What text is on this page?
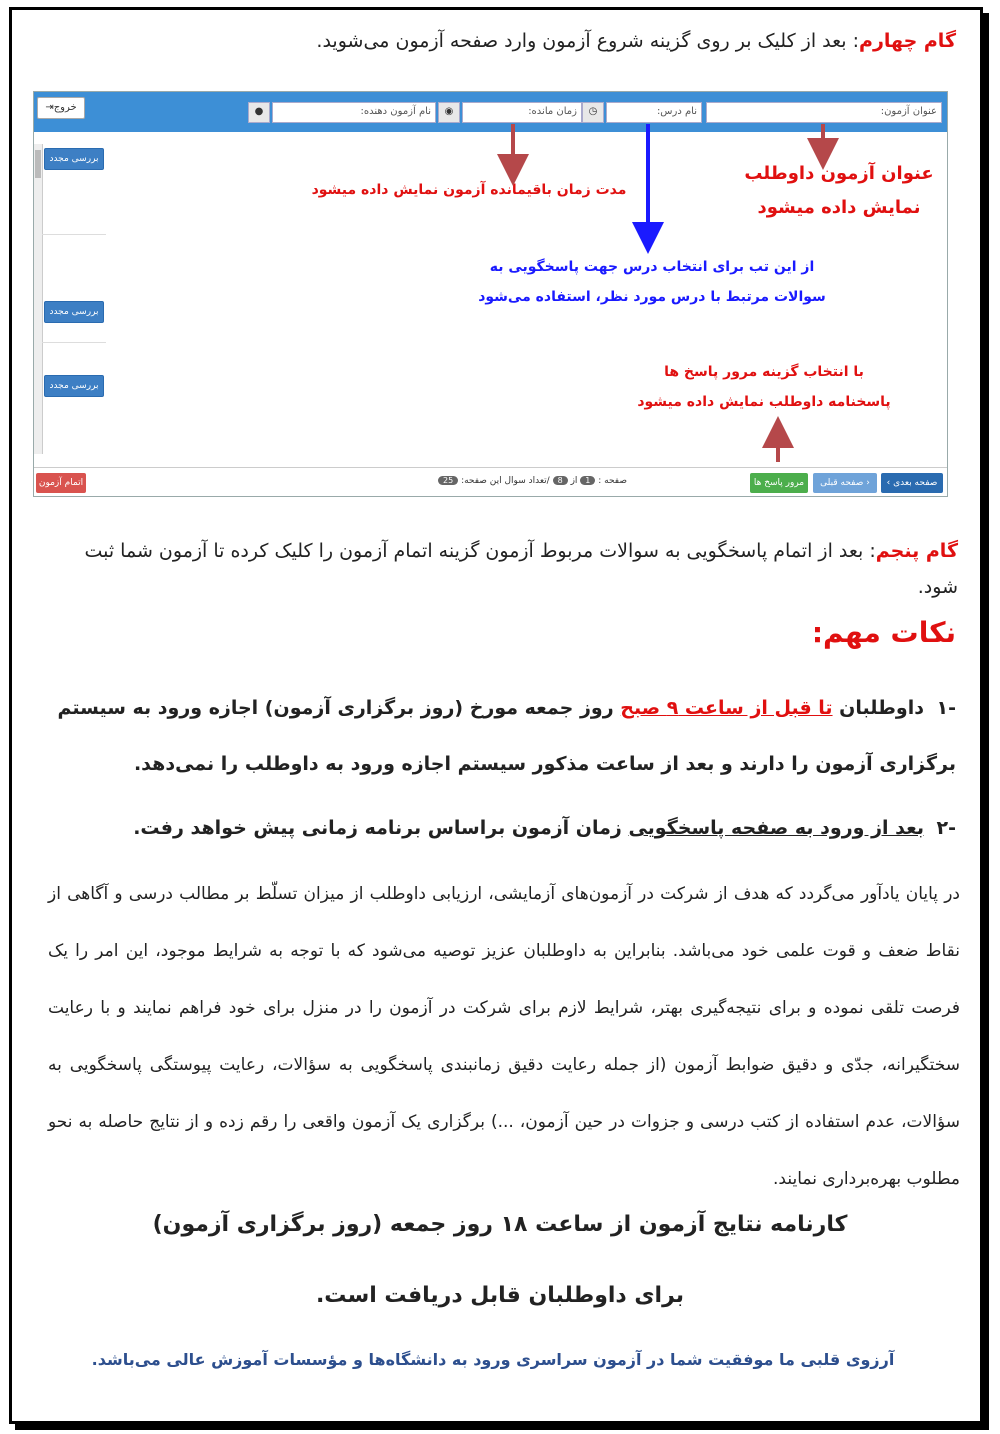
گام چهارم: بعد از کلیک بر روی گزینه شروع آزمون وارد صفحه آزمون می‌شوید.
عنوان آزمون:
نام درس:
◷
زمان مانده:
◉
نام آزمون دهنده:
●
⇥خروج
بررسی مجدد
بررسی مجدد
بررسی مجدد
عنوان آزمون داوطلب
نمایش داده میشود
مدت زمان باقیمانده آزمون نمایش داده میشود
از این تب برای انتخاب درس جهت پاسخگویی به
سوالات مرتبط با درس مورد نظر، استفاده می‌شود
با انتخاب گزینه مرور پاسخ ها
پاسخنامه داوطلب نمایش داده میشود
‹ صفحه بعدی
صفحه قبلی ›
مرور پاسخ ها
صفحه : 1 از 8 /تعداد سوال این صفحه: 25
اتمام آزمون
گام پنجم: بعد از اتمام پاسخگویی به سوالات مربوط آزمون گزینه اتمام آزمون را کلیک کرده تا آزمون شما ثبت شود.
نکات مهم:
-۱داوطلبان تا قبل از ساعت ۹ صبح روز جمعه مورخ (روز برگزاری آزمون) اجازه ورود به سیستم برگزاری آزمون را دارند و بعد از ساعت مذکور سیستم اجازه ورود به داوطلب را نمی‌دهد.
-۲بعد از ورود به صفحه پاسخگویی زمان آزمون براساس برنامه زمانی پیش خواهد رفت.
در پایان یادآور می‌گردد که هدف از شرکت در آزمون‌های آزمایشی، ارزیابی داوطلب از میزان تسلّط بر مطالب درسی و آگاهی از نقاط ضعف و قوت علمی خود می‌باشد. بنابراین به داوطلبان عزیز توصیه می‌شود که با توجه به شرایط موجود، این امر را یک فرصت تلقی نموده و برای نتیجه‌گیری بهتر، شرایط لازم برای شرکت در آزمون را در منزل برای خود فراهم نمایند و با رعایت سختگیرانه، جدّی و دقیق ضوابط آزمون (از جمله رعایت دقیق زمانبندی پاسخگویی به سؤالات، رعایت پیوستگی پاسخگویی به سؤالات، عدم استفاده از کتب درسی و جزوات در حین آزمون، ...) برگزاری یک آزمون واقعی را رقم زده و از نتایج حاصله به نحو مطلوب بهره‌برداری نمایند.
کارنامه نتایج آزمون از ساعت ۱۸ روز جمعه (روز برگزاری آزمون)
برای داوطلبان قابل دریافت است.
آرزوی قلبی ما موفقیت شما در آزمون سراسری ورود به دانشگاه‌ها و مؤسسات آموزش عالی می‌باشد.
